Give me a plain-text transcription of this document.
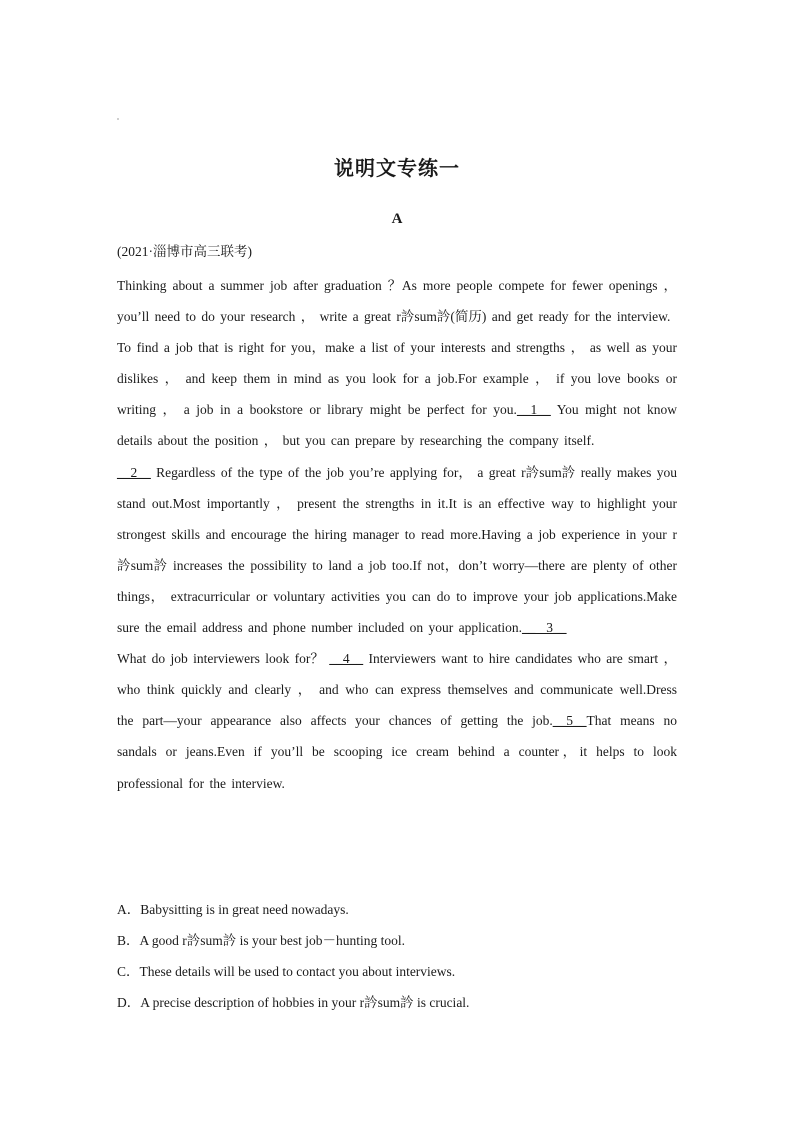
说明文专练一
A
(2021·淄博市高三联考)

Thinking about a summer job after graduation ？As more people compete for fewer openings ， you’ll need to do your research ， write a great r訡sum訡(简历) and get ready for the interview.

To find a job that is right for you，make a list of your interests and strengths ， as well as your dislikes ， and keep them in mind as you look for a job.For example ， if you love books or writing ， a job in a bookstore or library might be perfect for you.__1__ You might not know details about the position ， but you can prepare by researching the company itself.

__2__ Regardless of the type of the job you’re applying for， a great r訡sum訡 really makes you stand out.Most importantly ， present the strengths in it.It is an effective way to highlight your strongest skills and encourage the hiring manager to read more.Having a job experience in your r訡sum訡 increases the possibility to land a job too.If not，don’t worry—there are plenty of other things， extracurricular or voluntary activities you can do to improve your job applications.Make sure the email address and phone number included on your application.__  3__

What do job interviewers look for？ __4__ Interviewers want to hire candidates who are smart ， who think quickly and clearly ， and who can express themselves and communicate well.Dress the part—your appearance also affects your chances of getting the job.__5__That means no sandals or jeans.Even if you’ll be scooping ice cream behind a counter，it helps to look professional for the interview.

A．Babysitting is in great need nowadays.
B．A good r訡sum訡 is your best job－hunting tool.
C．These details will be used to contact you about interviews.
D．A precise description of hobbies in your r訡sum訡 is crucial.
